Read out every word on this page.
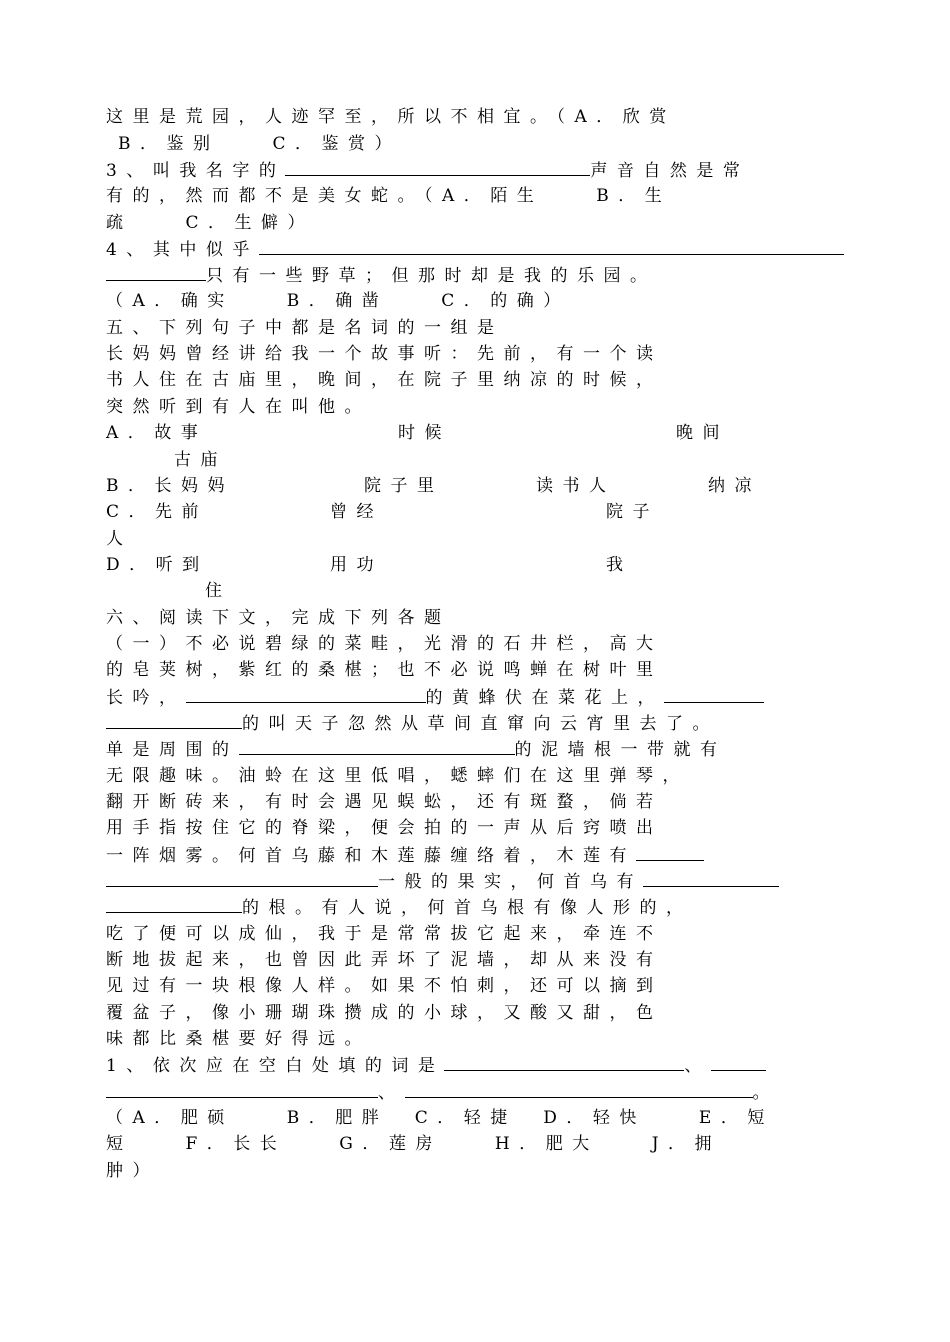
这里是荒园，人迹罕至，所以不相宜。（A．欣赏
B．鉴别　　C．鉴赏）
3、叫我名字的	声音自然是常
有的，然而都不是美女蛇。（A．陌生　　B．生
疏　　C．生僻）
4、其中似乎
只有一些野草；但那时却是我的乐园。
（A．确实　　B．确凿　　C．的确）
五、下列句子中都是名词的一组是
长妈妈曾经讲给我一个故事听：先前，有一个读
书人住在古庙里，晚间，在院子里纳凉的时候，
突然听到有人在叫他。
A．故事	时候	晚间
古庙
B．长妈妈	院子里	读书人	纳凉
C．先前	曾经	院子
人
D．听到	用功	我
住
六、阅读下文，完成下列各题
（一）不必说碧绿的菜畦，光滑的石井栏，高大
的皂荚树，紫红的桑椹；也不必说鸣蝉在树叶里
长吟，	的黄蜂伏在菜花上，
的叫天子忽然从草间直窜向云宵里去了。
单是周围的	的泥墙根一带就有
无限趣味。油蛉在这里低唱，蟋蟀们在这里弹琴，
翻开断砖来，有时会遇见蜈蚣，还有斑蝥，倘若
用手指按住它的脊梁，便会拍的一声从后窍喷出
一阵烟雾。何首乌藤和木莲藤缠络着，木莲有
一般的果实，何首乌有
的根。有人说，何首乌根有像人形的，
吃了便可以成仙，我于是常常拔它起来，牵连不
断地拔起来，也曾因此弄坏了泥墙，却从来没有
见过有一块根像人样。如果不怕刺，还可以摘到
覆盆子，像小珊瑚珠攒成的小球，又酸又甜，色
味都比桑椹要好得远。
1、依次应在空白处填的词是	、
、	。
（A．肥硕　　B．肥胖　C．轻捷　D．轻快　　E．短
短　　F．长长　　G．莲房　　H．肥大　　J．拥
肿）
